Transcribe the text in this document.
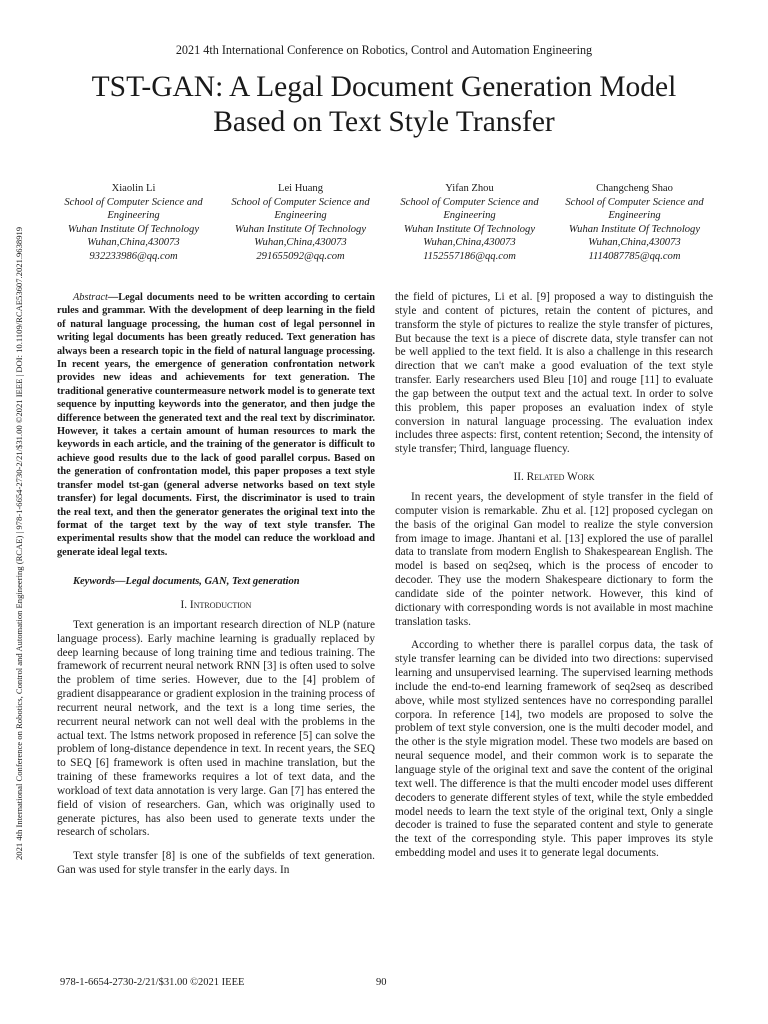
2021 4th International Conference on Robotics, Control and Automation Engineering
TST-GAN: A Legal Document Generation Model
Based on Text Style Transfer
2021 4th International Conference on Robotics, Control and Automation Engineering (RCAE) | 978-1-6654-2730-2/21/$31.00 ©2021 IEEE | DOI: 10.1109/RCAE53607.2021.9638919
Xiaolin Li
School of Computer Science and
Engineering
Wuhan Institute Of Technology
Wuhan,China,430073
932233986@qq.com
Lei Huang
School of Computer Science and
Engineering
Wuhan Institute Of Technology
Wuhan,China,430073
291655092@qq.com
Yifan Zhou
School of Computer Science and
Engineering
Wuhan Institute Of Technology
Wuhan,China,430073
1152557186@qq.com
Changcheng Shao
School of Computer Science and
Engineering
Wuhan Institute Of Technology
Wuhan,China,430073
1114087785@qq.com

Abstract—Legal documents need to be written according to certain rules and grammar. With the development of deep learning in the field of natural language processing, the human cost of legal personnel in writing legal documents has been greatly reduced. Text generation has always been a research topic in the field of natural language processing. In recent years, the emergence of generation confrontation network provides new ideas and achievements for text generation. The traditional generative countermeasure network model is to generate text sequence by inputting keywords into the generator, and then judge the difference between the generated text and the real text by discriminator. However, it takes a certain amount of human resources to mark the keywords in each article, and the training of the generator is difficult to achieve good results due to the lack of good parallel corpus. Based on the generation of confrontation model, this paper proposes a text style transfer model tst-gan (general adverse networks based on text style transfer) for legal documents. First, the discriminator is used to train the real text, and then the generator generates the original text into the format of the target text by the way of text style transfer. The experimental results show that the model can reduce the workload and generate ideal legal texts.

Keywords—Legal documents, GAN, Text generation

I. Introduction

Text generation is an important research direction of NLP (nature language process). Early machine learning is gradually replaced by deep learning because of long training time and tedious training. The framework of recurrent neural network RNN [3] is often used to solve the problem of time series. However, due to the [4] problem of gradient disappearance or gradient explosion in the training process of recurrent neural network, and the text is a long time series, the recurrent neural network can not well deal with the problems in the actual text. The lstms network proposed in reference [5] can solve the problem of long-distance dependence in text. In recent years, the SEQ to SEQ [6] framework is often used in machine translation, but the training of these frameworks requires a lot of text data, and the workload of text data annotation is very large. Gan [7] has entered the field of vision of researchers. Gan, which was originally used to generate pictures, has also been used to generate texts under the research of scholars.

Text style transfer [8] is one of the subfields of text generation. Gan was used for style transfer in the early days. In

the field of pictures, Li et al. [9] proposed a way to distinguish the style and content of pictures, retain the content of pictures, and transform the style of pictures to realize the style transfer of pictures, But because the text is a piece of discrete data, style transfer can not be well applied to the text field. It is also a challenge in this research direction that we can't make a good evaluation of the text style transfer. Early researchers used Bleu [10] and rouge [11] to evaluate the gap between the output text and the actual text. In order to solve this problem, this paper proposes an evaluation index of style conversion in natural language processing. The evaluation index includes three aspects: first, content retention; Second, the intensity of style transfer; Third, language fluency.

II. Related Work

In recent years, the development of style transfer in the field of computer vision is remarkable. Zhu et al. [12] proposed cyclegan on the basis of the original Gan model to realize the style conversion from image to image. Jhantani et al. [13] explored the use of parallel data to translate from modern English to Shakespearean English. The model is based on seq2seq, which is the process of encoder to decoder. They use the modern Shakespeare dictionary to form the candidate side of the pointer network. However, this kind of dictionary with corresponding words is not available in most machine translation tasks.

According to whether there is parallel corpus data, the task of style transfer learning can be divided into two directions: supervised learning and unsupervised learning. The supervised learning methods include the end-to-end learning framework of seq2seq as described above, while most stylized sentences have no corresponding parallel corpora. In reference [14], two models are proposed to solve the problem of text style conversion, one is the multi decoder model, and the other is the style migration model. These two models are based on neural sequence model, and their common work is to separate the language style of the original text and save the content of the original text well. The difference is that the multi encoder model uses different decoders to generate different styles of text, while the style embedded model needs to learn the text style of the original text, Only a single decoder is trained to fuse the separated content and style to generate the text of the corresponding style. This paper improves its style embedding model and uses it to generate legal documents.

978-1-6654-2730-2/21/$31.00 ©2021 IEEE	90
